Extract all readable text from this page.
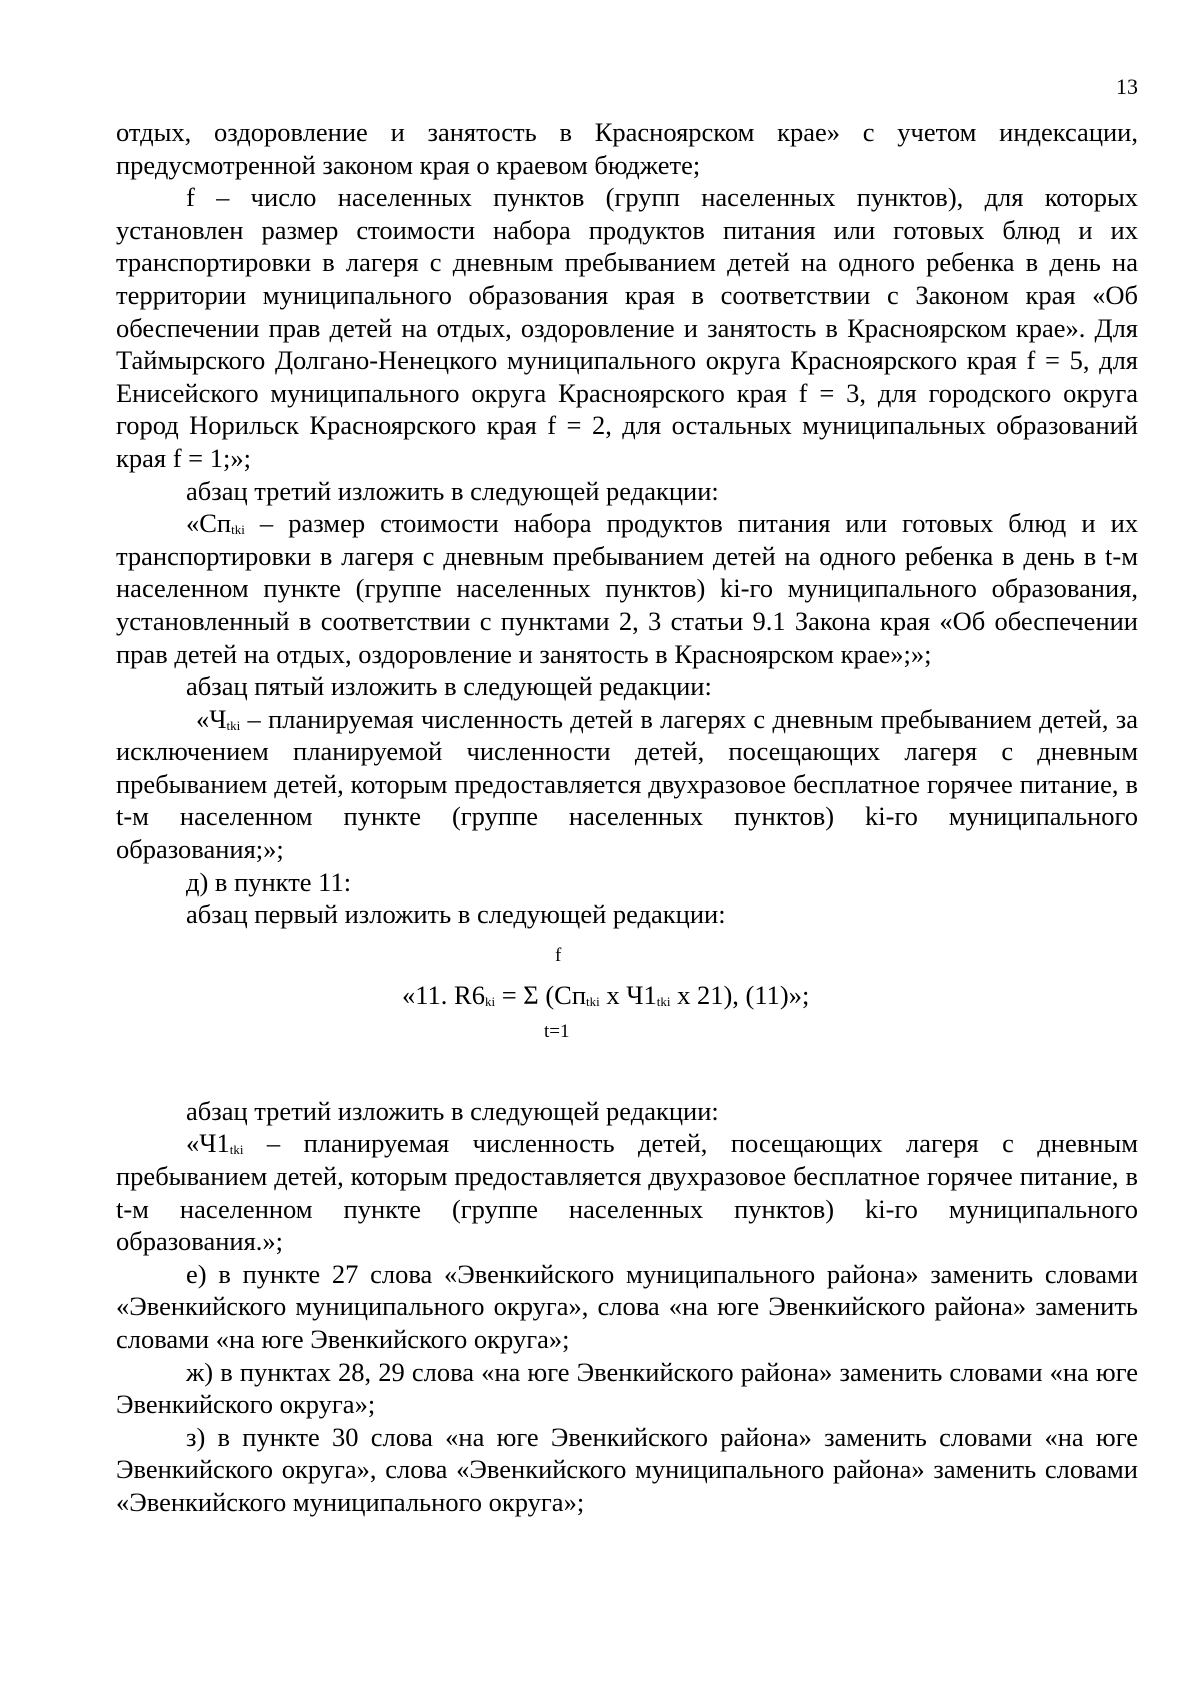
13

отдых, оздоровление и занятость в Красноярском крае» с учетом индексации, предусмотренной законом края о краевом бюджете;

f – число населенных пунктов (групп населенных пунктов), для которых установлен размер стоимости набора продуктов питания или готовых блюд и их транспортировки в лагеря с дневным пребыванием детей на одного ребенка в день на территории муниципального образования края в соответствии с Законом края «Об обеспечении прав детей на отдых, оздоровление и занятость в Красноярском крае». Для Таймырского Долгано-Ненецкого муниципального округа Красноярского края f = 5, для Енисейского муниципального округа Красноярского края f = 3, для городского округа город Норильск Красноярского края f = 2, для остальных муниципальных образований края f = 1;»;

абзац третий изложить в следующей редакции:

«$Сп_{tki}$ – размер стоимости набора продуктов питания или готовых блюд и их транспортировки в лагеря с дневным пребыванием детей на одного ребенка в день в t-м населенном пункте (группе населенных пунктов) ki-го муниципального образования, установленный в соответствии с пунктами 2, 3 статьи 9.1 Закона края «Об обеспечении прав детей на отдых, оздоровление и занятость в Красноярском крае»;»;

абзац пятый изложить в следующей редакции:

«$Ч_{tki}$ – планируемая численность детей в лагерях с дневным пребыванием детей, за исключением планируемой численности детей, посещающих лагеря с дневным пребыванием детей, которым предоставляется двухразовое бесплатное горячее питание, в t-м населенном пункте (группе населенных пунктов) ki-го муниципального образования;»;

д) в пункте 11:

абзац первый изложить в следующей редакции:

f
«11. $R6_{ki} = \Sigma$ ($Сп_{tki}$ х $Ч1_{tki}$ х 21), (11)»;
t=1

абзац третий изложить в следующей редакции:

«$Ч1_{tki}$ – планируемая численность детей, посещающих лагеря с дневным пребыванием детей, которым предоставляется двухразовое бесплатное горячее питание, в t-м населенном пункте (группе населенных пунктов) ki-го муниципального образования.»;

е) в пункте 27 слова «Эвенкийского муниципального района» заменить словами «Эвенкийского муниципального округа», слова «на юге Эвенкийского района» заменить словами «на юге Эвенкийского округа»;

ж) в пунктах 28, 29 слова «на юге Эвенкийского района» заменить словами «на юге Эвенкийского округа»;

з) в пункте 30 слова «на юге Эвенкийского района» заменить словами «на юге Эвенкийского округа», слова «Эвенкийского муниципального района» заменить словами «Эвенкийского муниципального округа»;
